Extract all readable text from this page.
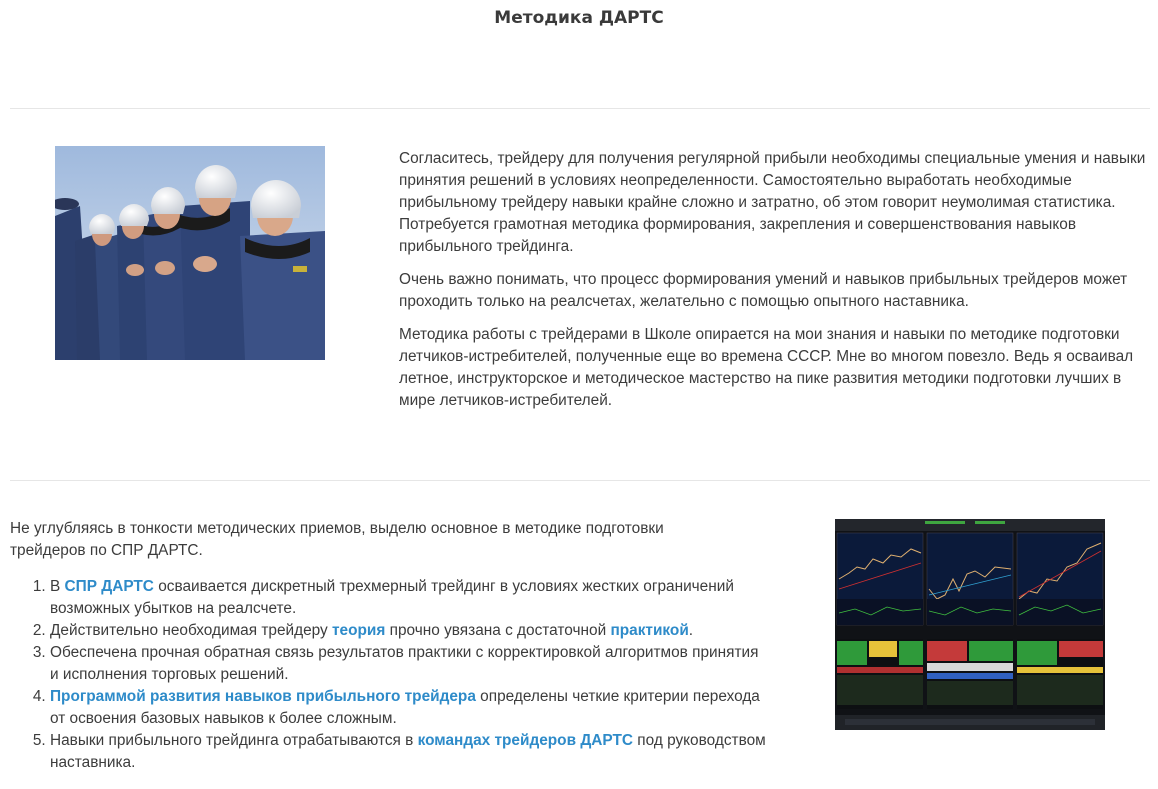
Методика ДАРТС

Согласитесь, трейдеру для получения регулярной прибыли необходимы специальные умения и навыки принятия решений в условиях неопределенности. Самостоятельно выработать необходимые прибыльному трейдеру навыки крайне сложно и затратно, об этом говорит неумолимая статистика. Потребуется грамотная методика формирования, закрепления и совершенствования навыков прибыльного трейдинга.

Очень важно понимать, что процесс формирования умений и навыков прибыльных трейдеров может проходить только на реалсчетах, желательно с помощью опытного наставника.

Методика работы с трейдерами в Школе опирается на мои знания и навыки по методике подготовки летчиков-истребителей, полученные еще во времена СССР. Мне во многом повезло. Ведь я осваивал летное, инструкторское и методическое мастерство на пике развития методики подготовки лучших в мире летчиков-истребителей.

Не углубляясь в тонкости методических приемов, выделю основное в методике подготовки трейдеров по СПР ДАРТС.

1. В СПР ДАРТС осваивается дискретный трехмерный трейдинг в условиях жестких ограничений возможных убытков на реалсчете.
2. Действительно необходимая трейдеру теория прочно увязана с достаточной практикой.
3. Обеспечена прочная обратная связь результатов практики с корректировкой алгоритмов принятия и исполнения торговых решений.
4. Программой развития навыков прибыльного трейдера определены четкие критерии перехода от освоения базовых навыков к более сложным.
5. Навыки прибыльного трейдинга отрабатываются в командах трейдеров ДАРТС под руководством наставника.
